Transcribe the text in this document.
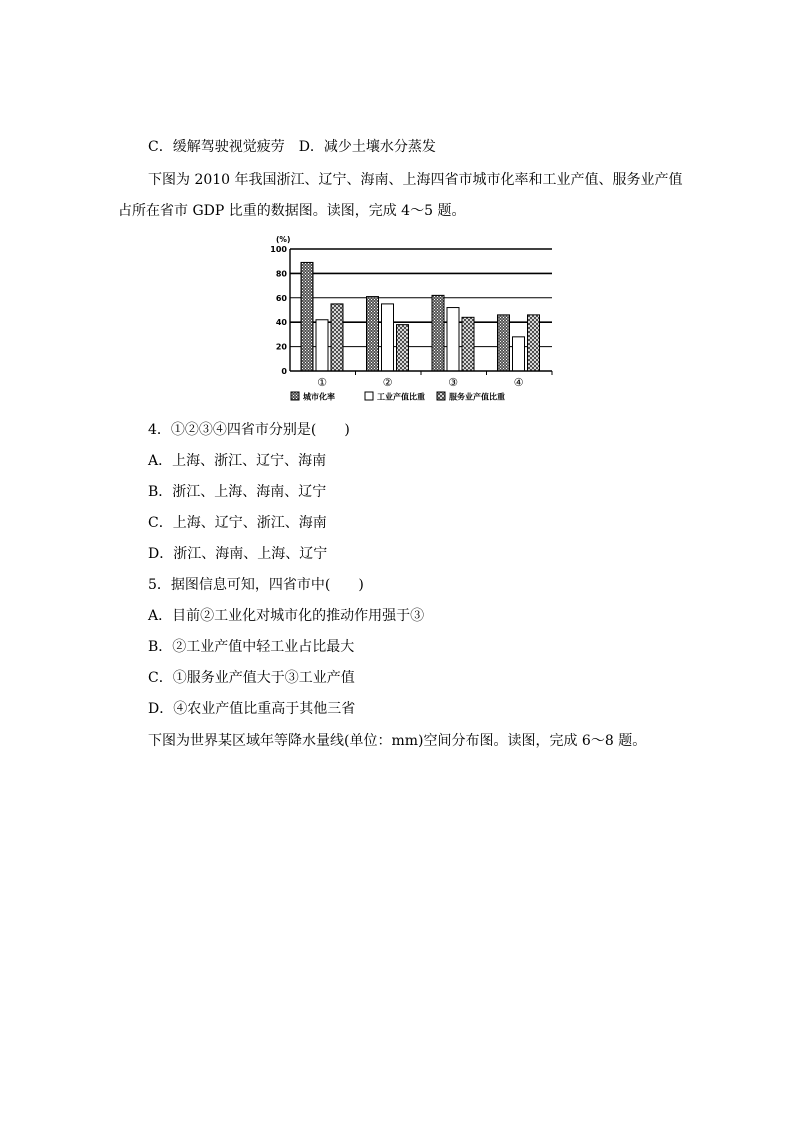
C．缓解驾驶视觉疲劳　D．减少土壤水分蒸发
下图为 2010 年我国浙江、辽宁、海南、上海四省市城市化率和工业产值、服务业产值
占所在省市 GDP 比重的数据图。读图，完成 4～5 题。
0
20
40
60
80
100
(%)
①	②	③	④
城市化率	工业产值比重	服务业产值比重
4．①②③④四省市分别是(　　)
A．上海、浙江、辽宁、海南
B．浙江、上海、海南、辽宁
C．上海、辽宁、浙江、海南
D．浙江、海南、上海、辽宁
5．据图信息可知，四省市中(　　)
A．目前②工业化对城市化的推动作用强于③
B．②工业产值中轻工业占比最大
C．①服务业产值大于③工业产值
D．④农业产值比重高于其他三省
下图为世界某区域年等降水量线(单位：mm)空间分布图。读图，完成 6～8 题。
